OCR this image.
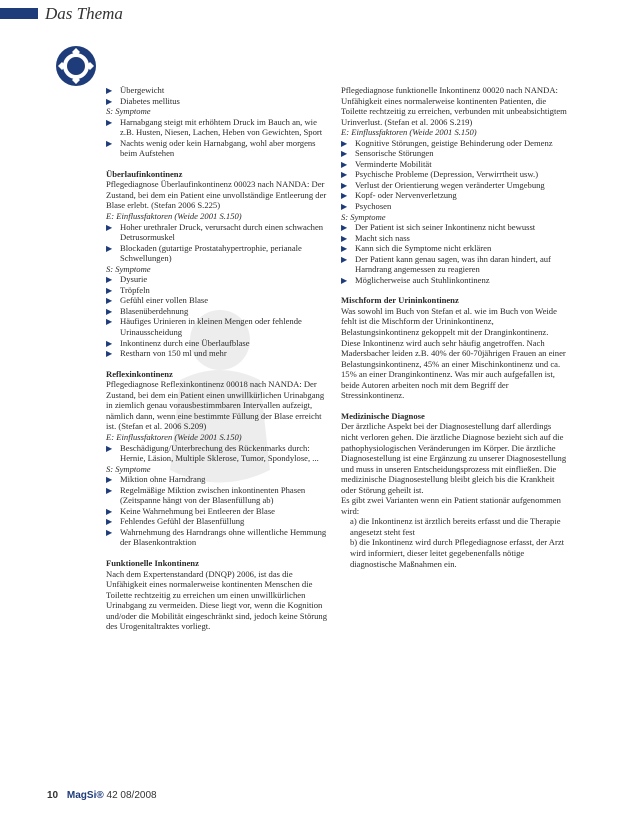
Das Thema
▶ Übergewicht
▶ Diabetes mellitus

S: Symptome

▶ Harnabgang steigt mit erhöhtem Druck im Bauch an, wie z.B. Husten, Niesen, Lachen, Heben von Gewichten, Sport
▶ Nachts wenig oder kein Harnabgang, wohl aber morgens beim Aufstehen

Überlaufinkontinenz

Pflegediagnose Überlaufinkontinenz 00023 nach NANDA: Der Zustand, bei dem ein Patient eine unvollständige Entleerung der Blase erlebt. (Stefan 2006 S.225)

E: Einflussfaktoren (Weide 2001 S.150)

▶ Hoher urethraler Druck, verursacht durch einen schwachen Detrusormuskel
▶ Blockaden (gutartige Prostatahypertrophie, perianale Schwellungen)

S: Symptome

▶ Dysurie
▶ Tröpfeln
▶ Gefühl einer vollen Blase
▶ Blasenüberdehnung
▶ Häufiges Urinieren in kleinen Mengen oder fehlende Urinausscheidung
▶ Inkontinenz durch eine Überlaufblase
▶ Restharn von 150 ml und mehr

Reflexinkontinenz

Pflegediagnose Reflexinkontinenz 00018 nach NANDA: Der Zustand, bei dem ein Patient einen unwillkürlichen Urinabgang in ziemlich genau vorausbestimmbaren Intervallen aufzeigt, nämlich dann, wenn eine bestimmte Füllung der Blase erreicht ist. (Stefan et al. 2006 S.209)

E: Einflussfaktoren (Weide 2001 S.150)

▶ Beschädigung/Unterbrechung des Rückenmarks durch: Hernie, Läsion, Multiple Sklerose, Tumor, Spondylose, ...

S: Symptome

▶ Miktion ohne Harndrang
▶ Regelmäßige Miktion zwischen inkontinenten Phasen (Zeitspanne hängt von der Blasenfüllung ab)
▶ Keine Wahrnehmung bei Entleeren der Blase
▶ Fehlendes Gefühl der Blasenfüllung
▶ Wahrnehmung des Harndrangs ohne willentliche Hemmung der Blasenkontraktion

Funktionelle Inkontinenz

Nach dem Expertenstandard (DNQP) 2006, ist das die Unfähigkeit eines normalerweise kontinenten Menschen die Toilette rechtzeitig zu erreichen um einen unwillkürlichen Urinabgang zu vermeiden. Diese liegt vor, wenn die Kognition und/oder die Mobilität eingeschränkt sind, jedoch keine Störung des Urogenitaltraktes vorliegt.

Pflegediagnose funktionelle Inkontinenz 00020 nach NANDA: Unfähigkeit eines normalerweise kontinenten Patienten, die Toilette rechtzeitig zu erreichen, verbunden mit unbeabsichtigtem Urinverlust. (Stefan et al. 2006 S.219)

E: Einflussfaktoren (Weide 2001 S.150)

▶ Kognitive Störungen, geistige Behinderung oder Demenz
▶ Sensorische Störungen
▶ Verminderte Mobilität
▶ Psychische Probleme (Depression, Verwirrtheit usw.)
▶ Verlust der Orientierung wegen veränderter Umgebung
▶ Kopf- oder Nervenverletzung
▶ Psychosen

S: Symptome

▶ Der Patient ist sich seiner Inkontinenz nicht bewusst
▶ Macht sich nass
▶ Kann sich die Symptome nicht erklären
▶ Der Patient kann genau sagen, was ihn daran hindert, auf Harndrang angemessen zu reagieren
▶ Möglicherweise auch Stuhlinkontinenz

Mischform der Urininkontinenz

Was sowohl im Buch von Stefan et al. wie im Buch von Weide fehlt ist die Mischform der Urininkontinenz, Belastungsinkontinenz gekoppelt mit der Dranginkontinenz. Diese Inkontinenz wird auch sehr häufig angetroffen. Nach Madersbacher leiden z.B. 40% der 60-70jährigen Frauen an einer Belastungsinkontinenz, 45% an einer Mischinkontinenz und ca. 15% an einer Dranginkontinenz. Was mir auch aufgefallen ist, beide Autoren arbeiten noch mit dem Begriff der Stressinkontinenz.

Medizinische Diagnose

Der ärztliche Aspekt bei der Diagnosestellung darf allerdings nicht verloren gehen. Die ärztliche Diagnose bezieht sich auf die pathophysiologischen Veränderungen im Körper. Die ärztliche Diagnosestellung ist eine Ergänzung zu unserer Diagnosestellung und muss in unseren Entscheidungsprozess mit einfließen. Die medizinische Diagnosestellung bleibt gleich bis die Krankheit oder Störung geheilt ist.

Es gibt zwei Varianten wenn ein Patient stationär aufgenommen wird:

a) die Inkontinenz ist ärztlich bereits erfasst und die Therapie angesetzt steht fest

b) die Inkontinenz wird durch Pflegediagnose erfasst, der Arzt wird informiert, dieser leitet gegebenenfalls nötige diagnostische Maßnahmen ein.

10 MagSi® 42 08/2008
